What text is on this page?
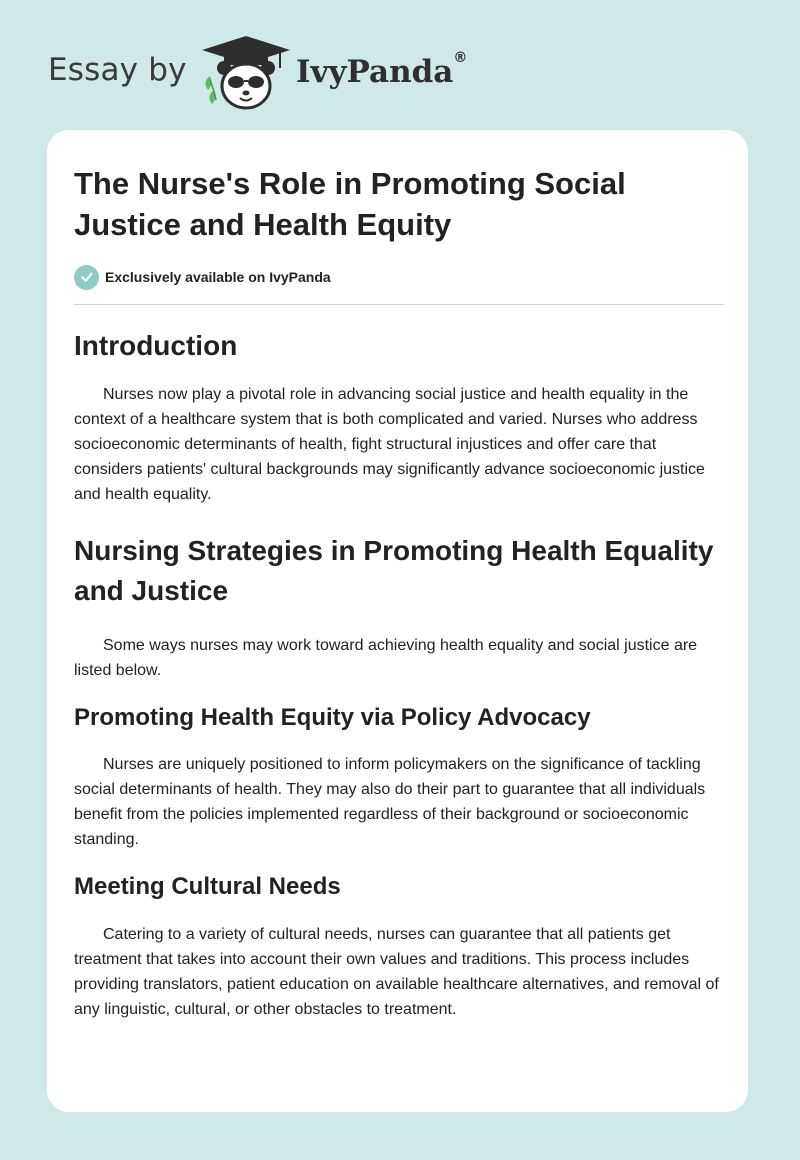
Essay by	IvyPanda®
The Nurse's Role in Promoting Social Justice and Health Equity
Exclusively available on IvyPanda
Introduction

Nurses now play a pivotal role in advancing social justice and health equality in the context of a healthcare system that is both complicated and varied. Nurses who address socioeconomic determinants of health, fight structural injustices and offer care that considers patients' cultural backgrounds may significantly advance socioeconomic justice and health equality.

Nursing Strategies in Promoting Health Equality and Justice

Some ways nurses may work toward achieving health equality and social justice are listed below.

Promoting Health Equity via Policy Advocacy

Nurses are uniquely positioned to inform policymakers on the significance of tackling social determinants of health. They may also do their part to guarantee that all individuals benefit from the policies implemented regardless of their background or socioeconomic standing.

Meeting Cultural Needs

Catering to a variety of cultural needs, nurses can guarantee that all patients get treatment that takes into account their own values and traditions. This process includes providing translators, patient education on available healthcare alternatives, and removal of any linguistic, cultural, or other obstacles to treatment.
